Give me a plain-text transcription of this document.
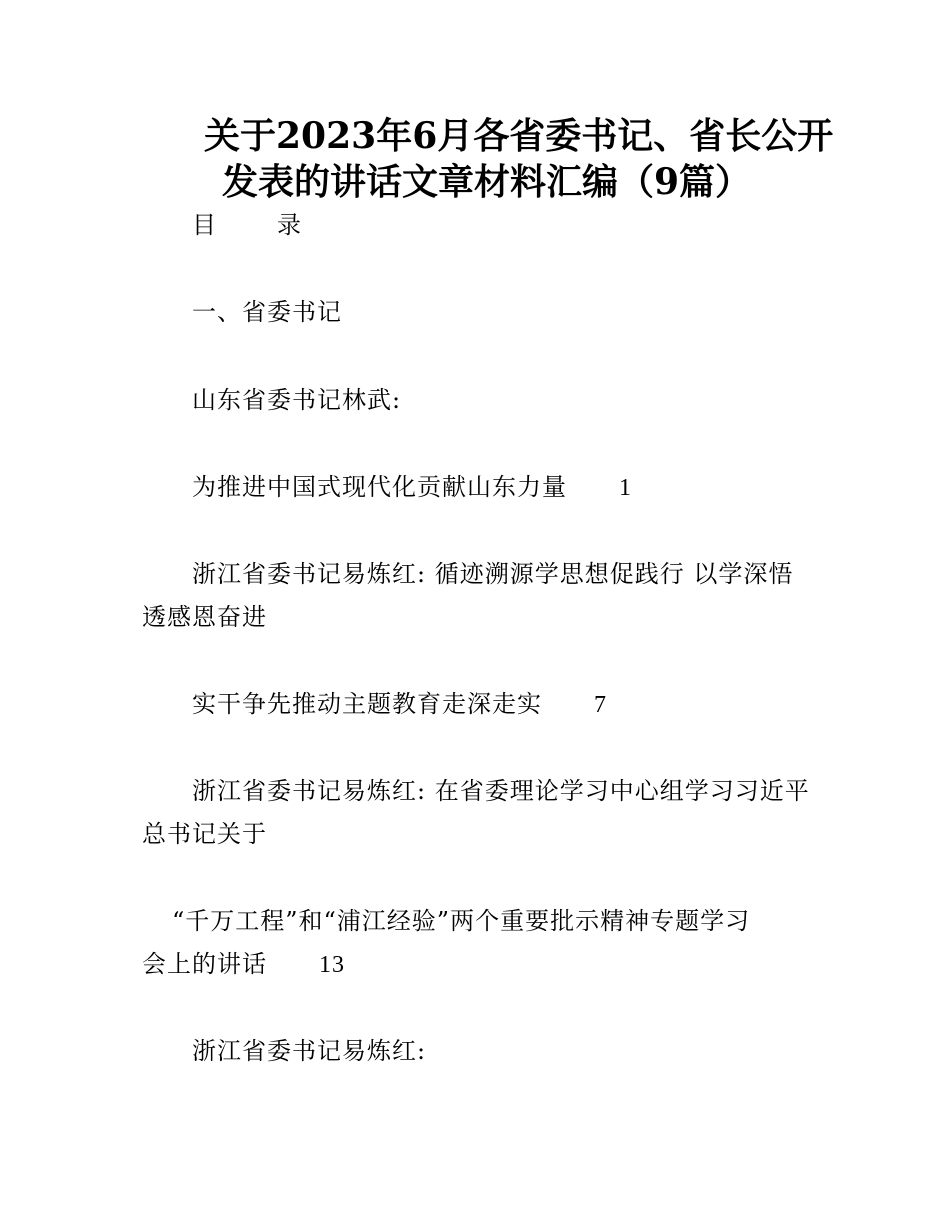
关于2023年6月各省委书记、省长公开
发表的讲话文章材料汇编（9篇）
目	录
一、省委书记
山东省委书记林武:
为推进中国式现代化贡献山东力量 1
浙江省委书记易炼红: 循迹溯源学思想促践行 以学深悟
透感恩奋进
实干争先推动主题教育走深走实 7
浙江省委书记易炼红: 在省委理论学习中心组学习习近平
总书记关于
“千万工程”和“浦江经验”两个重要批示精神专题学习
会上的讲话 13
浙江省委书记易炼红:
